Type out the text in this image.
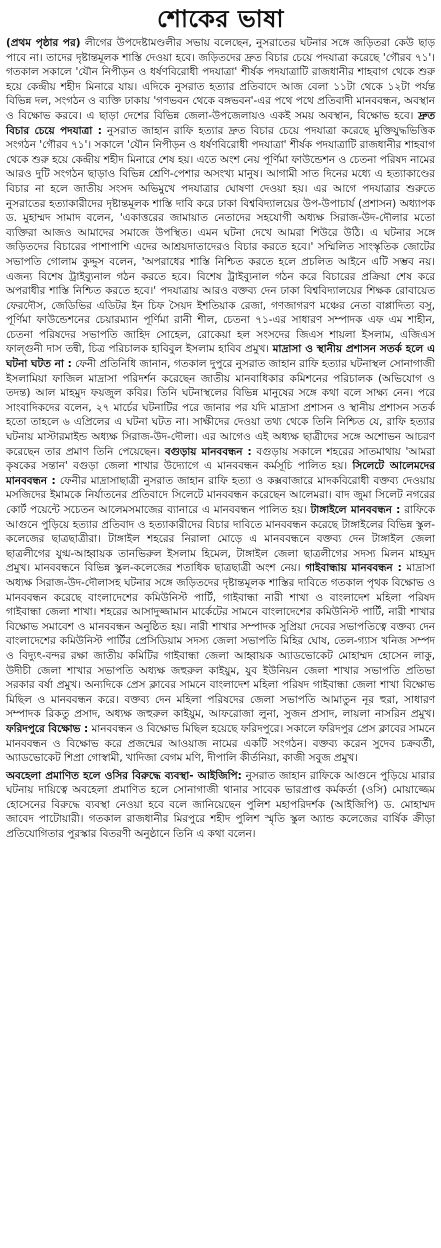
শোকের ভাষা

(প্রথম পৃষ্ঠার পর) লীগের উপদেষ্টামণ্ডলীর সভায় বলেছেন, নুসরাতের ঘটনার সঙ্গে জড়িতরা কেউ ছাড় পাবে না। তাদের দৃষ্টান্তমূলক শাস্তি দেওয়া হবে। জড়িতদের দ্রুত বিচার চেয়ে পদযাত্রা করেছে 'গৌরব ৭১'। গতকাল সকালে 'যৌন নিপীড়ন ও ধর্ষণবিরোধী পদযাত্রা' শীর্ষক পদযাত্রাটি রাজধানীর শাহবাগ থেকে শুরু হয়ে কেন্দ্রীয় শহীদ মিনারে যায়। এদিকে নুসরাত হত্যার প্রতিবাদে আজ বেলা ১১টা থেকে ১২টা পর্যন্ত বিভিন্ন দল, সংগঠন ও ব্যক্তি ঢাকায় 'গণভবন থেকে বঙ্গভবন'-এর পথে পথে প্রতিবাদী মানববন্ধন, অবস্থান ও বিক্ষোভ করবে। এ ছাড়া দেশের বিভিন্ন জেলা-উপজেলায়ও একই সময় অবস্থান, বিক্ষোভ হবে। দ্রুত বিচার চেয়ে পদযাত্রা : নুসরাত জাহান রাফি হত্যার দ্রুত বিচার চেয়ে পদযাত্রা করেছে মুক্তিযুদ্ধভিত্তিক সংগঠন 'গৌরব ৭১'। সকালে 'যৌন নিপীড়ন ও ধর্ষণবিরোধী পদযাত্রা' শীর্ষক পদযাত্রাটি রাজধানীর শাহবাগ থেকে শুরু হয়ে কেন্দ্রীয় শহীদ মিনারে শেষ হয়। এতে অংশ নেয় পূর্ণিমা ফাউন্ডেশন ও চেতনা পরিষদ নামের আরও দুটি সংগঠন ছাড়াও বিভিন্ন শ্রেণি-পেশার অসংখ্য মানুষ। আগামী সাত দিনের মধ্যে এ হত্যাকাণ্ডের বিচার না হলে জাতীয় সংসদ অভিমুখে পদযাত্রার ঘোষণা দেওয়া হয়। এর আগে পদযাত্রার শুরুতে নুসরাতের হত্যাকারীদের দৃষ্টান্তমূলক শাস্তি দাবি করে ঢাকা বিশ্ববিদ্যালয়ের উপ-উপাচার্য (প্রশাসন) অধ্যাপক ড. মুহাম্মদ সামাদ বলেন, 'একাত্তরের জামায়াত নেতাদের সহযোগী অধ্যক্ষ সিরাজ-উদ-দৌলার মতো ব্যক্তিরা আজও আমাদের সমাজে উপস্থিত। এমন ঘটনা দেখে আমরা শিউরে উঠি। এ ঘটনার সঙ্গে জড়িতদের বিচারের পাশাপাশি এদের আশ্রয়দাতাদেরও বিচার করতে হবে।' সম্মিলিত সাংস্কৃতিক জোটের সভাপতি গোলাম কুদ্দুস বলেন, 'অপরাধের শাস্তি নিশ্চিত করতে হলে প্রচলিত আইনে এটি সম্ভব নয়। এজন্য বিশেষ ট্রাইব্যুনাল গঠন করতে হবে। বিশেষ ট্রাইব্যুনাল গঠন করে বিচারের প্রক্রিয়া শেষ করে অপরাধীর শাস্তি নিশ্চিত করতে হবে।' পদযাত্রায় আরও বক্তব্য দেন ঢাকা বিশ্ববিদ্যালয়ের শিক্ষক রোবায়েত ফেরদৌস, জেডিভির এডিটর ইন চিফ সৈয়দ ইশতিয়াক রেজা, গণজাগরণ মঞ্চের নেতা বাপ্পাদিত্য বসু, পূর্ণিমা ফাউন্ডেশনের চেয়ারম্যান পূর্ণিমা রানী শীল, চেতনা ৭১-এর সাধারণ সম্পাদক এফ এম শাহীন, চেতনা পরিষদের সভাপতি জাহিদ সোহেল, রোকেয়া হল সংসদের জিএস শায়লা ইসলাম, এজিএস ফাল্গুনী দাস তন্বী, চিত্র পরিচালক হাবিবুল ইসলাম হাবিব প্রমুখ। মাদ্রাসা ও স্থানীয় প্রশাসন সতর্ক হলে এ ঘটনা ঘটত না : ফেনী প্রতিনিধি জানান, গতকাল দুপুরে নুসরাত জাহান রাফি হত্যার ঘটনাস্থল সোনাগাজী ইসলামিয়া ফাজিল মাদ্রাসা পরিদর্শন করেছেন জাতীয় মানবাধিকার কমিশনের পরিচালক (অভিযোগ ও তদন্ত) আল মাহমুদ ফয়জুল কবির। তিনি ঘটনাস্থলের বিভিন্ন মানুষের সঙ্গে কথা বলে সাক্ষ্য নেন। পরে সাংবাদিকদের বলেন, ২৭ মার্চের ঘটনাটির পরে জানার পর যদি মাদ্রাসা প্রশাসন ও স্থানীয় প্রশাসন সতর্ক হতো তাহলে ৬ এপ্রিলের এ ঘটনা ঘটত না। সাক্ষীদের দেওয়া তথ্য থেকে তিনি নিশ্চিত যে, রাফি হত্যার ঘটনায় মাস্টারমাইন্ড অধ্যক্ষ সিরাজ-উদ-দৌলা। এর আগেও এই অধ্যক্ষ ছাত্রীদের সঙ্গে অশোভন আচরণ করেছেন তার প্রমাণ তিনি পেয়েছেন। বগুড়ায় মানববন্ধন : বগুড়ায় সকালে শহরের সাতমাথায় 'আমরা কৃষকের সন্তান' বগুড়া জেলা শাখার উদ্যোগে এ মানববন্ধন কর্মসূচি পালিত হয়। সিলেটে আলেমদের মানববন্ধন : ফেনীর মাদ্রাসাছাত্রী নুসরাত জাহান রাফি হত্যা ও কক্সবাজারে মাদকবিরোধী বক্তব্য দেওয়ায় মসজিদের ইমামকে নির্যাতনের প্রতিবাদে সিলেটে মানববন্ধন করেছেন আলেমরা। বাদ জুমা সিলেট নগরের কোর্ট পয়েন্টে সচেতন আলেমসমাজের ব্যানারে এ মানববন্ধন পালিত হয়। টাঙ্গাইলে মানববন্ধন : রাফিকে আগুনে পুড়িয়ে হত্যার প্রতিবাদ ও হত্যাকারীদের বিচার দাবিতে মানববন্ধন করেছে টাঙ্গাইলের বিভিন্ন স্কুল-কলেজের ছাত্রছাত্রীরা। টাঙ্গাইল শহরের নিরালা মোড়ে এ মানববন্ধনে বক্তব্য দেন টাঙ্গাইল জেলা ছাত্রলীগের যুগ্ম-আহ্বায়ক তানভিরুল ইসলাম হিমেল, টাঙ্গাইল জেলা ছাত্রলীগের সদস্য মিলন মাহমুদ প্রমুখ। মানববন্ধনে বিভিন্ন স্কুল-কলেজের শতাধিক ছাত্রছাত্রী অংশ নেয়। গাইবান্ধায় মানববন্ধন : মাদ্রাসা অধ্যক্ষ সিরাজ-উদ-দৌলাসহ ঘটনার সঙ্গে জড়িতদের দৃষ্টান্তমূলক শাস্তির দাবিতে গতকাল পৃথক বিক্ষোভ ও মানববন্ধন করেছে বাংলাদেশের কমিউনিস্ট পার্টি, গাইবান্ধা নারী শাখা ও বাংলাদেশ মহিলা পরিষদ গাইবান্ধা জেলা শাখা। শহরের আসাদুজ্জামান মার্কেটের সামনে বাংলাদেশের কমিউনিস্ট পার্টি, নারী শাখার বিক্ষোভ সমাবেশ ও মানববন্ধন অনুষ্ঠিত হয়। নারী শাখার সম্পাদক সুপ্রিয়া দেবের সভাপতিত্বে বক্তব্য দেন বাংলাদেশের কমিউনিস্ট পার্টির প্রেসিডিয়াম সদস্য জেলা সভাপতি মিহির ঘোষ, তেল-গ্যাস খনিজ সম্পদ ও বিদ্যুৎ-বন্দর রক্ষা জাতীয় কমিটির গাইবান্ধা জেলা আহ্বায়ক অ্যাডভোকেট মোহাম্মদ হোসেন লাকু, উদীচী জেলা শাখার সভাপতি অধ্যক্ষ জহুরুল কাইয়ুম, যুব ইউনিয়ন জেলা শাখার সভাপতি প্রতিভা সরকার বর্ষা প্রমুখ। অন্যদিকে প্রেস ক্লাবের সামনে বাংলাদেশ মহিলা পরিষদ গাইবান্ধা জেলা শাখা বিক্ষোভ মিছিল ও মানববন্ধন করে। বক্তব্য দেন মহিলা পরিষদের জেলা সভাপতি আমাতুন নূর হুরা, সাধারণ সম্পাদক রিকতু প্রসাদ, অধ্যক্ষ জহুরুল কাইয়ুম, আফরোজা লুনা, সুজন প্রসাদ, লায়লা নাসরিন প্রমুখ। ফরিদপুরে বিক্ষোভ : মানববন্ধন ও বিক্ষোভ মিছিল হয়েছে ফরিদপুরে। সকালে ফরিদপুর প্রেস ক্লাবের সামনে মানববন্ধন ও বিক্ষোভ করে প্রজন্মের আওয়াজ নামের একটি সংগঠন। বক্তব্য করেন সুদেব চক্রবর্তী, অ্যাডভোকেট শিপ্রা গোস্বামী, খাদিজা বেগম মণি, দীপালি কীর্তনিয়া, কাজী সবুজ প্রমুখ।

অবহেলা প্রমাণিত হলে ওসির বিরুদ্ধে ব্যবস্থা- আইজিপি: নুসরাত জাহান রাফিকে আগুনে পুড়িয়ে মারার ঘটনায় দায়িত্বে অবহেলা প্রমাণিত হলে সোনাগাজী থানার সাবেক ভারপ্রাপ্ত কর্মকর্তা (ওসি) মোয়াজ্জেম হোসেনের বিরুদ্ধে ব্যবস্থা নেওয়া হবে বলে জানিয়েছেন পুলিশ মহাপরিদর্শক (আইজিপি) ড. মোহাম্মদ জাবেদ পাটোয়ারী। গতকাল রাজধানীর মিরপুরে শহীদ পুলিশ স্মৃতি স্কুল অ্যান্ড কলেজের বার্ষিক ক্রীড়া প্রতিযোগিতার পুরস্কার বিতরণী অনুষ্ঠানে তিনি এ কথা বলেন।
